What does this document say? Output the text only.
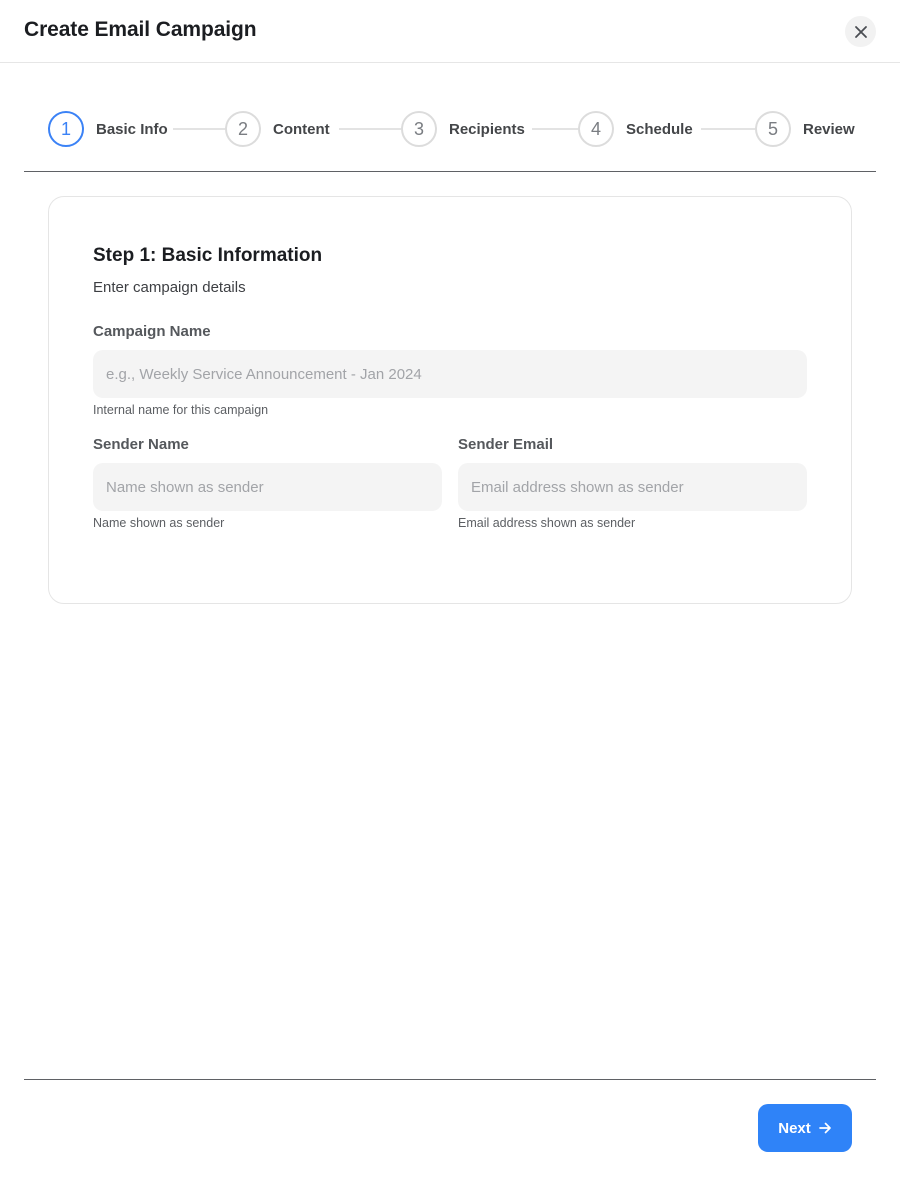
Create Email Campaign
1	Basic Info	2	Content	3	Recipients	4	Schedule	5	Review
Step 1: Basic Information
Enter campaign details
Campaign Name
e.g., Weekly Service Announcement - Jan 2024
Internal name for this campaign
Sender Name
Name shown as sender
Name shown as sender
Sender Email
Email address shown as sender
Email address shown as sender
Next
